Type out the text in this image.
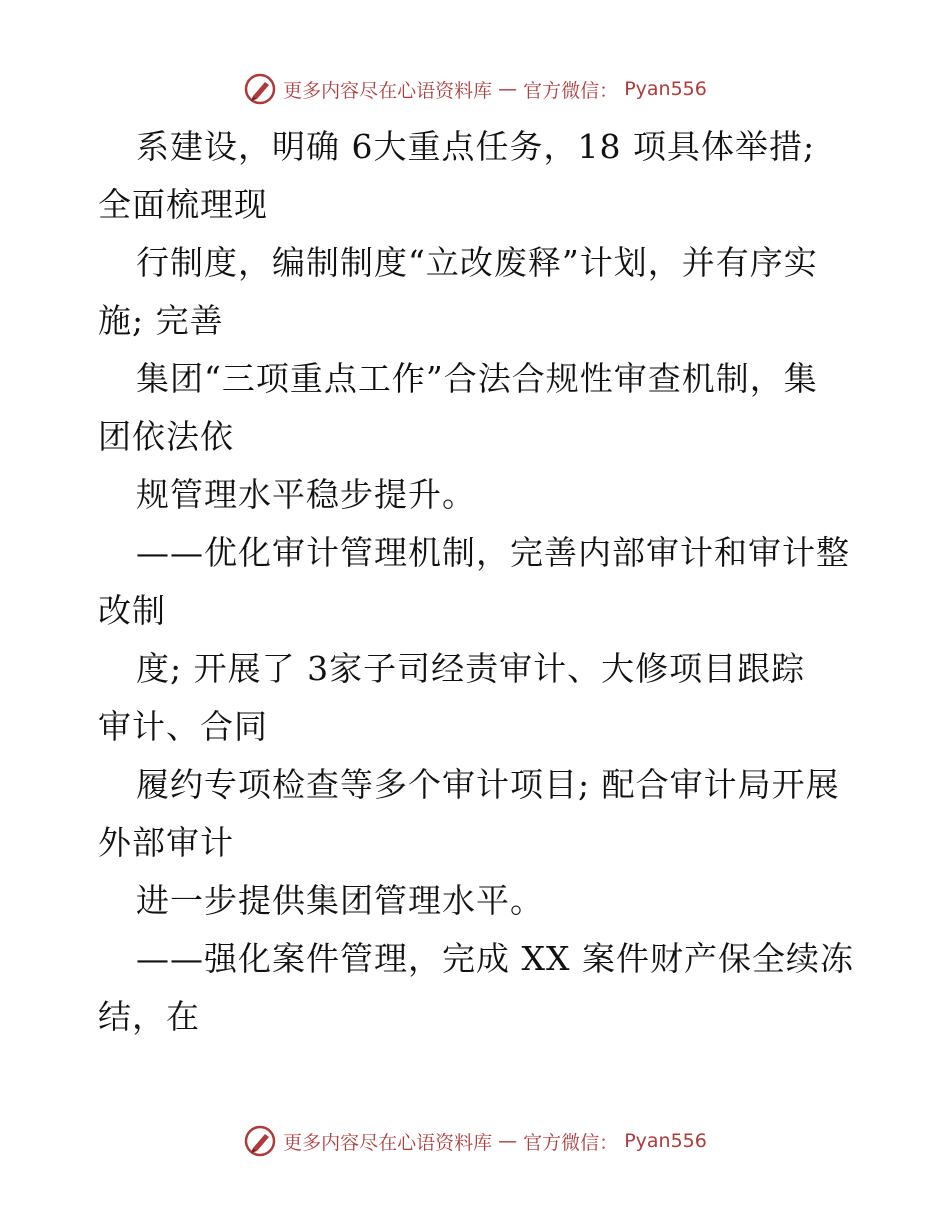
更多内容尽在心语资料库 — 官方微信： Pyan556
系建设，明确 6大重点任务，18 项具体举措;
全面梳理现
行制度，编制制度“立改废释”计划，并有序实
施; 完善
集团“三项重点工作”合法合规性审查机制，集
团依法依
规管理水平稳步提升。
——优化审计管理机制，完善内部审计和审计整
改制
度; 开展了 3家子司经责审计、大修项目跟踪
审计、合同
履约专项检查等多个审计项目; 配合审计局开展
外部审计
进一步提供集团管理水平。
——强化案件管理，完成 XX 案件财产保全续冻
结，在
更多内容尽在心语资料库 — 官方微信： Pyan556
